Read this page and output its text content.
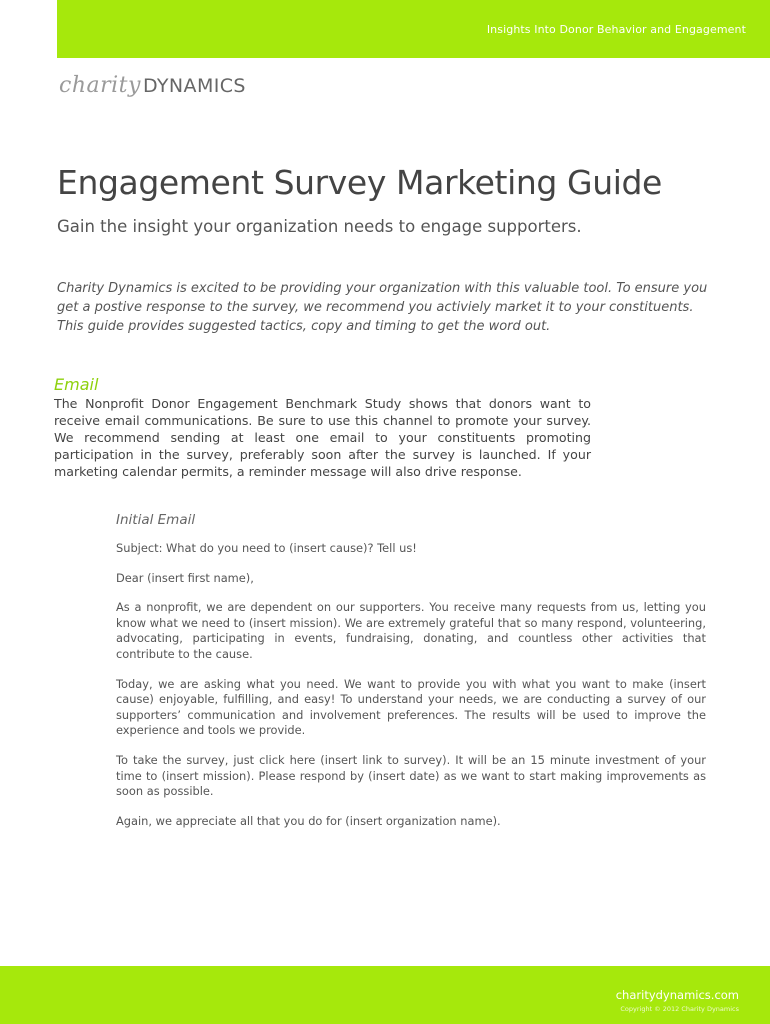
Insights Into Donor Behavior and Engagement
charity DYNAMICS
Engagement Survey Marketing Guide
Gain the insight your organization needs to engage supporters.

Charity Dynamics is excited to be providing your organization with this valuable tool. To ensure you get a postive response to the survey, we recommend you activiely market it to your constituents. This guide provides suggested tactics, copy and timing to get the word out.

Email

The Nonprofit Donor Engagement Benchmark Study shows that donors want to receive email communications. Be sure to use this channel to promote your survey. We recommend sending at least one email to your constituents promoting participation in the survey, preferably soon after the survey is launched. If your marketing calendar permits, a reminder message will also drive response.

Initial Email

Subject: What do you need to (insert cause)? Tell us!

Dear (insert first name),

As a nonprofit, we are dependent on our supporters. You receive many requests from us, letting you know what we need to (insert mission). We are extremely grateful that so many respond, volunteering, advocating, participating in events, fundraising, donating, and countless other activities that contribute to the cause.

Today, we are asking what you need. We want to provide you with what you want to make (insert cause) enjoyable, fulfilling, and easy! To understand your needs, we are conducting a survey of our supporters’ communication and involvement preferences. The results will be used to improve the experience and tools we provide.

To take the survey, just click here (insert link to survey). It will be an 15 minute investment of your time to (insert mission). Please respond by (insert date) as we want to start making improvements as soon as possible.

Again, we appreciate all that you do for (insert organization name).

charitydynamics.com
Copyright © 2012 Charity Dynamics
